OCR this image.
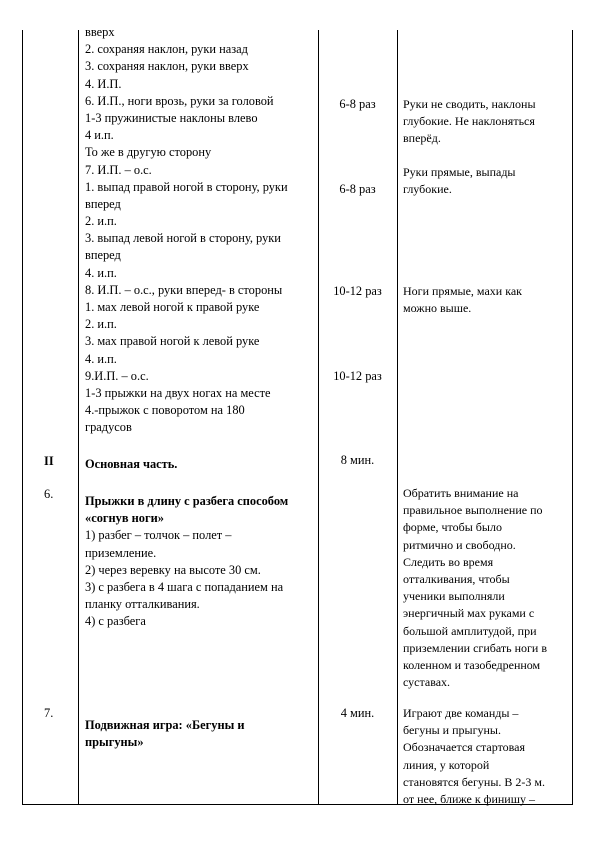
II
6.
7.
вверх
2. сохраняя наклон, руки назад
3. сохраняя наклон, руки вверх
4. И.П.
6. И.П., ноги врозь, руки за головой
1-3 пружинистые наклоны влево
4 и.п.
То же в другую сторону
7. И.П. – о.с.
1. выпад правой ногой в сторону, руки
вперед
2. и.п.
3. выпад левой ногой в сторону, руки
вперед
4. и.п.
8. И.П. – о.с., руки вперед- в стороны
1. мах левой ногой к правой руке
2. и.п.
3. мах правой ногой к левой руке
4. и.п.
9.И.П. – о.с.
1-3 прыжки на двух ногах на месте
4.-прыжок с поворотом на 180
градусов
Основная часть.
Прыжки в длину с разбега способом
«согнув ноги»
1) разбег – толчок – полет –
приземление.
2) через веревку на высоте 30 см.
3) с разбега в 4 шага с попаданием на
планку отталкивания.
4) с разбега
Подвижная игра: «Бегуны и
прыгуны»
6-8 раз
6-8 раз
10-12 раз
10-12 раз
8 мин.
4 мин.
Руки не сводить, наклоны
глубокие. Не наклоняться
вперёд.
Руки прямые, выпады
глубокие.
Ноги прямые, махи как
можно выше.
Обратить внимание на
правильное выполнение по
форме, чтобы было
ритмично и свободно.
Следить во время
отталкивания, чтобы
ученики выполняли
энергичный мах руками с
большой амплитудой, при
приземлении сгибать ноги в
коленном и тазобедренном
суставах.
Играют две команды –
бегуны и прыгуны.
Обозначается стартовая
линия, у которой
становятся бегуны. В 2-3 м.
от нее, ближе к финишу –
